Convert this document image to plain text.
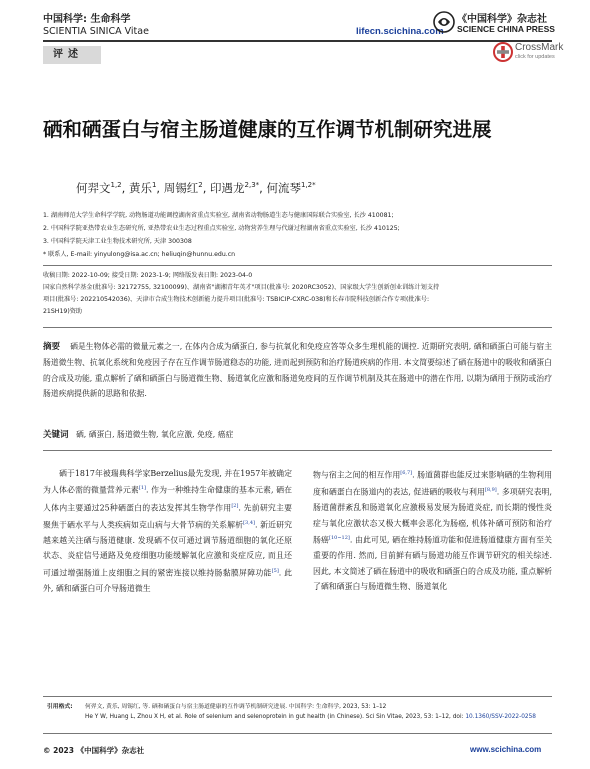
中国科学: 生命科学
SCIENTIA SINICA Vitae	lifecn.scichina.com
《中国科学》杂志社
SCIENCE CHINA PRESS
评述
CrossMark
click for updates
硒和硒蛋白与宿主肠道健康的互作调节机制研究进展
何羿文$^{1,2}$, 黄乐$^1$, 周锡红$^2$, 印遇龙$^{2,3*}$, 何流琴$^{1,2*}$
1. 湖南师范大学生命科学学院, 动物肠道功能调控湖南省重点实验室, 湖南省动物肠道生态与健康国际联合实验室, 长沙 410081;
2. 中国科学院亚热带农业生态研究所, 亚热带农业生态过程重点实验室, 动物营养生理与代谢过程湖南省重点实验室, 长沙 410125;
3. 中国科学院天津工业生物技术研究所, 天津 300308
* 联系人, E-mail: yinyulong@isa.ac.cn; heliuqin@hunnu.edu.cn
收稿日期: 2022-10-09; 接受日期: 2023-1-9; 网络版发表日期: 2023-04-0
国家自然科学基金(批准号: 32172755, 32100099)、湖南省"湖湘青年英才"项目(批准号: 2020RC3052)、国家级大学生创新创业训练计划支持
项目(批准号: 202210542036)、天津市合成生物技术创新能力提升项目(批准号: TSBICIP-CXRC-038)和长春市院科技创新合作专项(批准号:
21SH19)资助
摘要 硒是生物体必需的微量元素之一, 在体内合成为硒蛋白, 参与抗氧化和免疫应答等众多生理机能的调控. 近期研究表明, 硒和硒蛋白可能与宿主肠道微生物、抗氧化系统和免疫因子存在互作调节肠道稳态的功能, 进而起到预防和治疗肠道疾病的作用. 本文简要综述了硒在肠道中的吸收和硒蛋白的合成及功能, 重点解析了硒和硒蛋白与肠道微生物、肠道氧化应激和肠道免疫间的互作调节机制及其在肠道中的潜在作用, 以期为硒用于预防或治疗肠道疾病提供新的思路和依据.
关键词 硒, 硒蛋白, 肠道微生物, 氧化应激, 免疫, 癌症
硒于1817年被瑞典科学家Berzelius最先发现, 并在1957年被确定为人体必需的微量营养元素[1]. 作为一种维持生命健康的基本元素, 硒在人体内主要通过25种硒蛋白的表达发挥其生物学作用[2]. 先前研究主要聚焦于硒水平与人类疾病如克山病与大骨节病的关系解析[3,4]. 新近研究越来越关注硒与肠道健康. 发现硒不仅可通过调节肠道细胞的氧化还原状态、炎症信号通路及免疫细胞功能缓解氧化应激和炎症反应, 而且还可通过增强肠道上皮细胞之间的紧密连接以维持肠黏膜屏障功能[5]. 此外, 硒和硒蛋白可介导肠道微生
物与宿主之间的相互作用[6,7]. 肠道菌群也能反过来影响硒的生物利用度和硒蛋白在肠道内的表达, 促进硒的吸收与利用[8,9]. 多项研究表明, 肠道菌群紊乱和肠道氧化应激极易发展为肠道炎症, 而长期的慢性炎症与氧化应激状态又极大概率会恶化为肠癌, 机体补硒可预防和治疗肠癌[10~12]. 由此可见, 硒在维持肠道功能和促进肠道健康方面有至关重要的作用. 然而, 目前鲜有硒与肠道功能互作调节研究的相关综述. 因此, 本文简述了硒在肠道中的吸收和硒蛋白的合成及功能, 重点解析了硒和硒蛋白与肠道微生物、肠道氧化
引用格式: 何羿文, 黄乐, 周锡红, 等. 硒和硒蛋白与宿主肠道健康的互作调节机制研究进展. 中国科学: 生命科学, 2023, 53: 1–12
He Y W, Huang L, Zhou X H, et al. Role of selenium and selenoprotein in gut health (in Chinese). Sci Sin Vitae, 2023, 53: 1–12, doi: 10.1360/SSV-2022-0258
© 2023 《中国科学》杂志社	www.scichina.com
